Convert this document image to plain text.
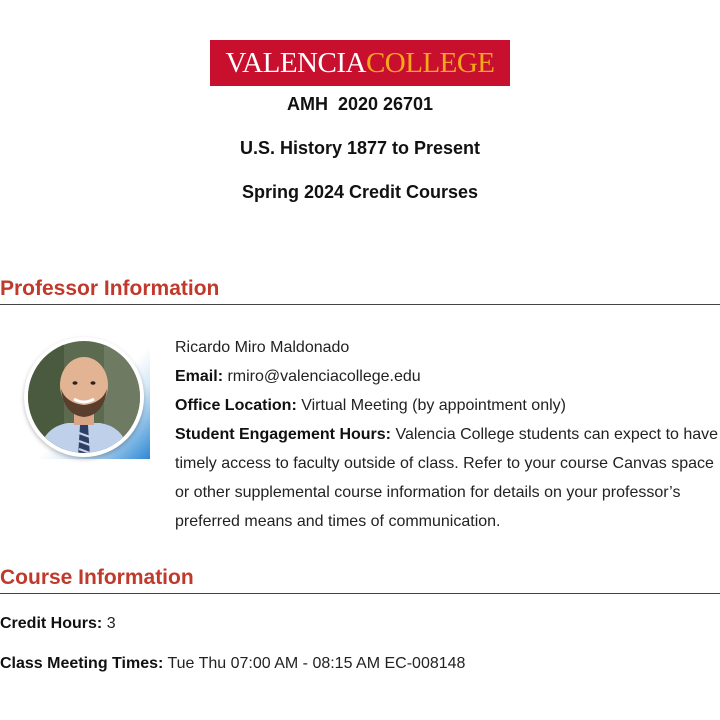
VALENCIACOLLEGE
AMH  2020 26701
U.S. History 1877 to Present
Spring 2024 Credit Courses
Professor Information

Ricardo Miro Maldonado

Email: rmiro@valenciacollege.edu

Office Location: Virtual Meeting (by appointment only)

Student Engagement Hours: Valencia College students can expect to have timely access to faculty outside of class. Refer to your course Canvas space or other supplemental course information for details on your professor’s preferred means and times of communication.

Course Information
Credit Hours: 3
Class Meeting Times: Tue Thu 07:00 AM - 08:15 AM EC-008148
